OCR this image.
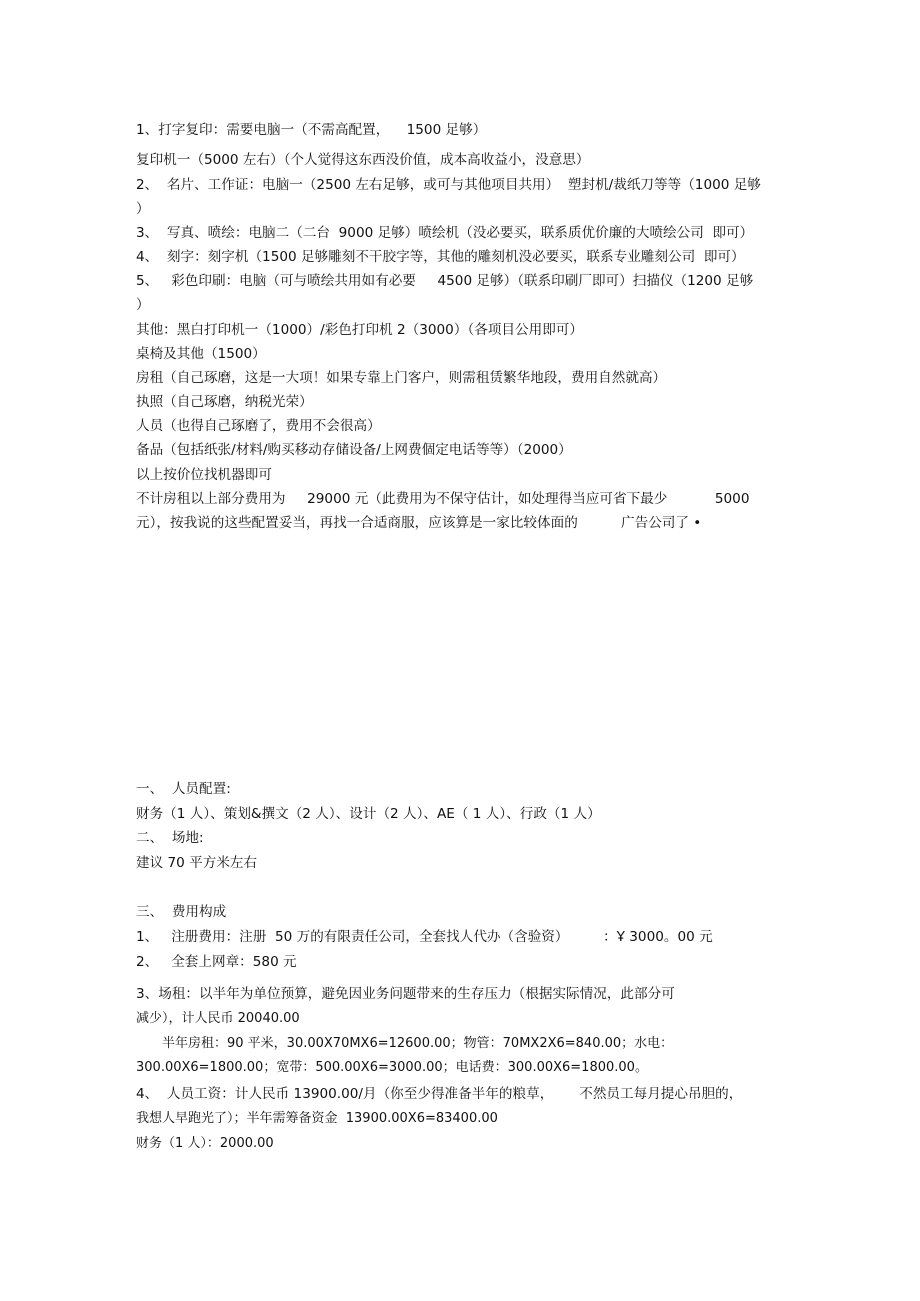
1、打字复印：需要电脑一（不需高配置，    1500 足够）
复印机一（5000 左右）（个人觉得这东西没价值，成本高收益小，没意思）
2、  名片、工作证：电脑一（2500 左右足够，或可与其他项目共用）  塑封机/裁纸刀等等（1000 足够
）
3、  写真、喷绘：电脑二（二台  9000 足够）喷绘机（没必要买，联系质优价廉的大喷绘公司  即可）
4、  刻字：刻字机（1500 足够雕刻不干胶字等，其他的雕刻机没必要买，联系专业雕刻公司  即可）
5、   彩色印刷：电脑（可与喷绘共用如有必要     4500 足够）（联系印刷厂即可）扫描仪（1200 足够
）
其他：黑白打印机一（1000）/彩色打印机 2（3000）（各项目公用即可）
桌椅及其他（1500）
房租（自己琢磨，这是一大项！如果专靠上门客户，则需租赁繁华地段，费用自然就高）
执照（自己琢磨，纳税光荣）
人员（也得自己琢磨了，费用不会很高）
备品（包括纸张/材料/购买移动存储设备/上网费個定电话等等）（2000）
以上按价位找机器即可
不计房租以上部分费用为     29000 元（此费用为不保守估计，如处理得当应可省下最少           5000
元），按我说的这些配置妥当，再找一合适商服，应该算是一家比较体面的          广告公司了 •
一、  人员配置:
财务（1 人）、策划&撰文（2 人）、设计（2 人）、AE（ 1 人）、行政（1 人）
二、  场地:
建议 70 平方米左右
三、  费用构成
1、   注册费用：注册  50 万的有限责任公司，全套找人代办（含验资）        ：Ұ 3000。00 元
2、   全套上网章：580 元
3、场租：以半年为单位预算，避免因业务问题带来的生存压力（根据实际情况，此部分可
减少），计人民币 20040.00
半年房租：90 平米，30.00X70MX6=12600.00；物管：70MX2X6=840.00；水电：
300.00X6=1800.00；宽带：500.00X6=3000.00；电话费：300.00X6=1800.00。
4、  人员工资：计人民币 13900.00/月（你至少得准备半年的粮草，      不然员工每月提心吊胆的，
我想人早跑光了）；半年需筹备资金  13900.00X6=83400.00
财务（1 人）：2000.00
